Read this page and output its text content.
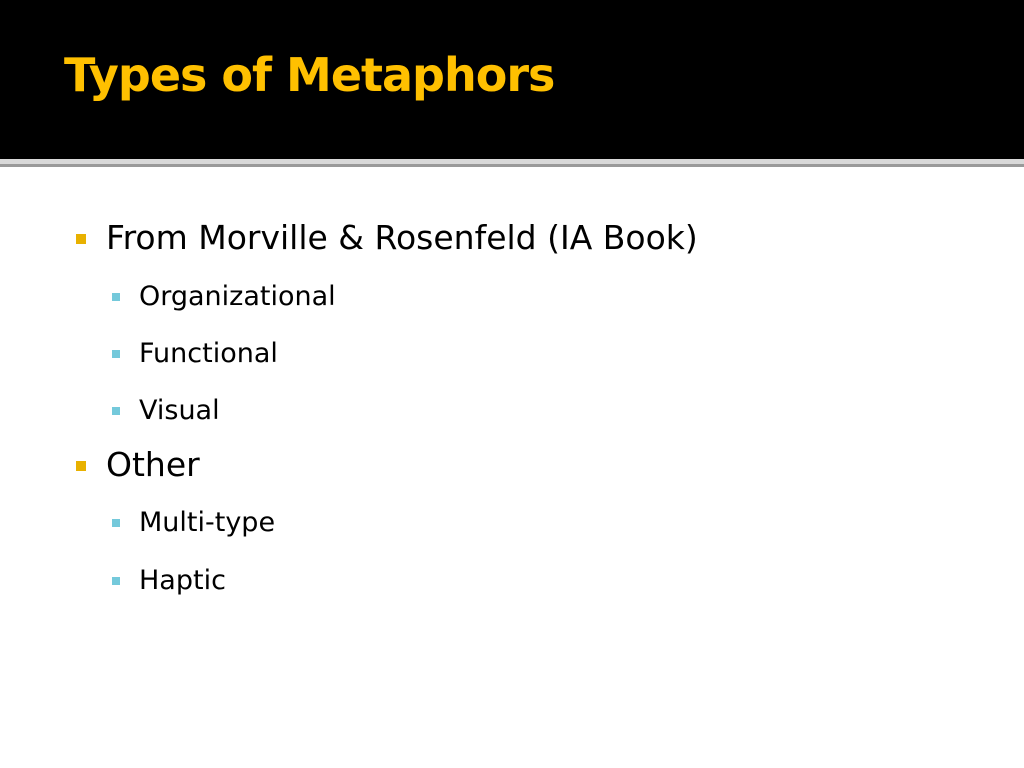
Types of Metaphors
From Morville & Rosenfeld (IA Book)
Organizational
Functional
Visual
Other
Multi-type
Haptic
